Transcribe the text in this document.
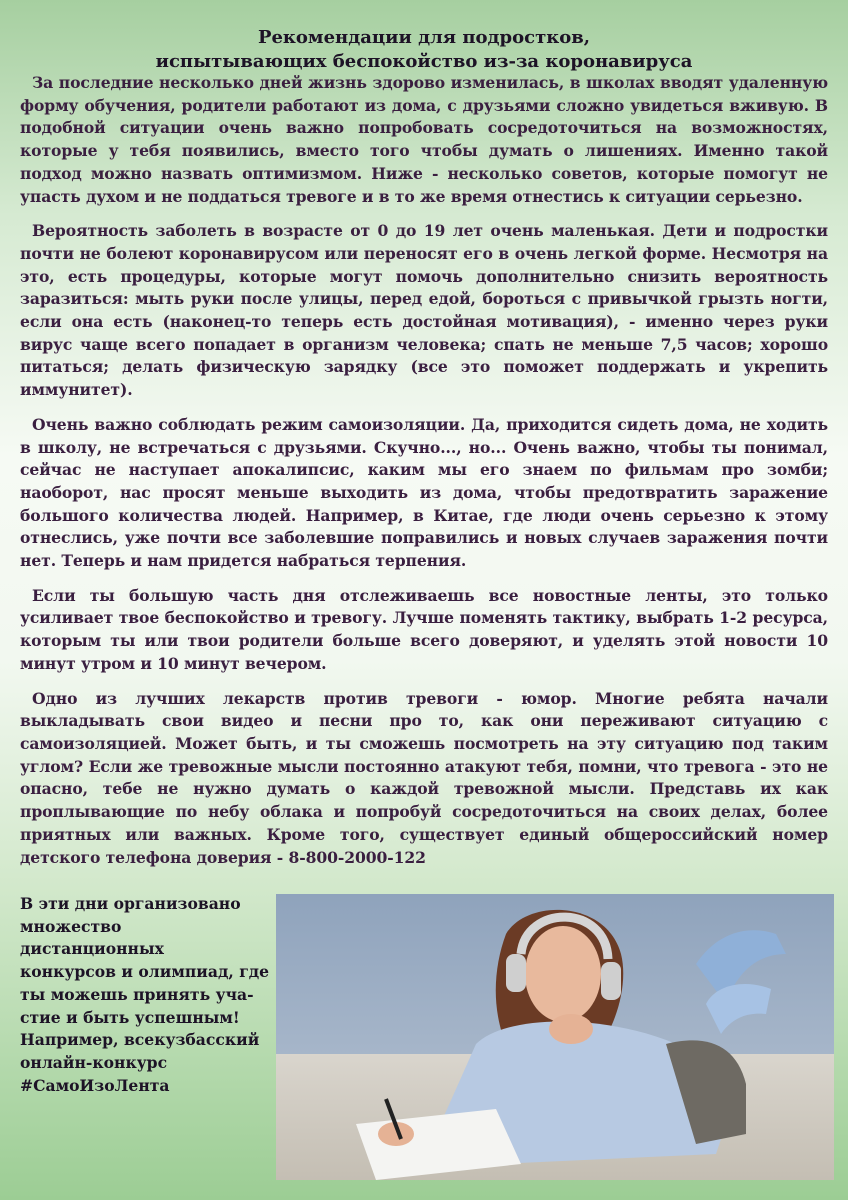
Рекомендации для подростков,
испытывающих беспокойство из-за коронавируса

За последние несколько дней жизнь здорово изменилась, в школах вводят удаленную форму обучения, родители работают из дома, с друзьями сложно увидеться вживую. В подобной ситуации очень важно попробовать сосредоточиться на возможностях, которые у тебя появились, вместо того чтобы думать о лишениях. Именно такой подход можно назвать оптимизмом. Ниже - несколько советов, которые помогут не упасть духом и не поддаться тревоге и в то же время отнестись к ситуации серьезно.

Вероятность заболеть в возрасте от 0 до 19 лет очень маленькая. Дети и подростки почти не болеют коронавирусом или переносят его в очень легкой форме. Несмотря на это, есть процедуры, которые могут помочь дополнительно снизить вероятность заразиться: мыть руки после улицы, перед едой, бороться с привычкой грызть ногти, если она есть (наконец-то теперь есть достойная мотивация), - именно через руки вирус чаще всего попадает в организм человека; спать не меньше 7,5 часов; хорошо питаться; делать физическую зарядку (все это поможет поддержать и укрепить иммунитет).

Очень важно соблюдать режим самоизоляции. Да, приходится сидеть дома, не ходить в школу, не встречаться с друзьями. Скучно..., но... Очень важно, чтобы ты понимал, сейчас не наступает апокалипсис, каким мы его знаем по фильмам про зомби; наоборот, нас просят меньше выходить из дома, чтобы предотвратить заражение большого количества людей. Например, в Китае, где люди очень серьезно к этому отнеслись, уже почти все заболевшие поправились и новых случаев заражения почти нет. Теперь и нам придется набраться терпения.

Если ты большую часть дня отслеживаешь все новостные ленты, это только усиливает твое беспокойство и тревогу. Лучше поменять тактику, выбрать 1-2 ресурса, которым ты или твои родители больше всего доверяют, и уделять этой новости 10 минут утром и 10 минут вечером.

Одно из лучших лекарств против тревоги - юмор. Многие ребята начали выкладывать свои видео и песни про то, как они переживают ситуацию с самоизоляцией. Может быть, и ты сможешь посмотреть на эту ситуацию под таким углом? Если же тревожные мысли постоянно атакуют тебя, помни, что тревога - это не опасно, тебе не нужно думать о каждой тревожной мысли. Представь их как проплывающие по небу облака и попробуй сосредоточиться на своих делах, более приятных или важных. Кроме того, существует единый общероссийский номер детского телефона доверия - 8-800-2000-122

В эти дни организовано
множество дистанционных
конкурсов и олимпиад, где
ты можешь принять уча-
стие и быть успешным!
Например, всекузбасский
онлайн-конкурс
#СамоИзоЛента
